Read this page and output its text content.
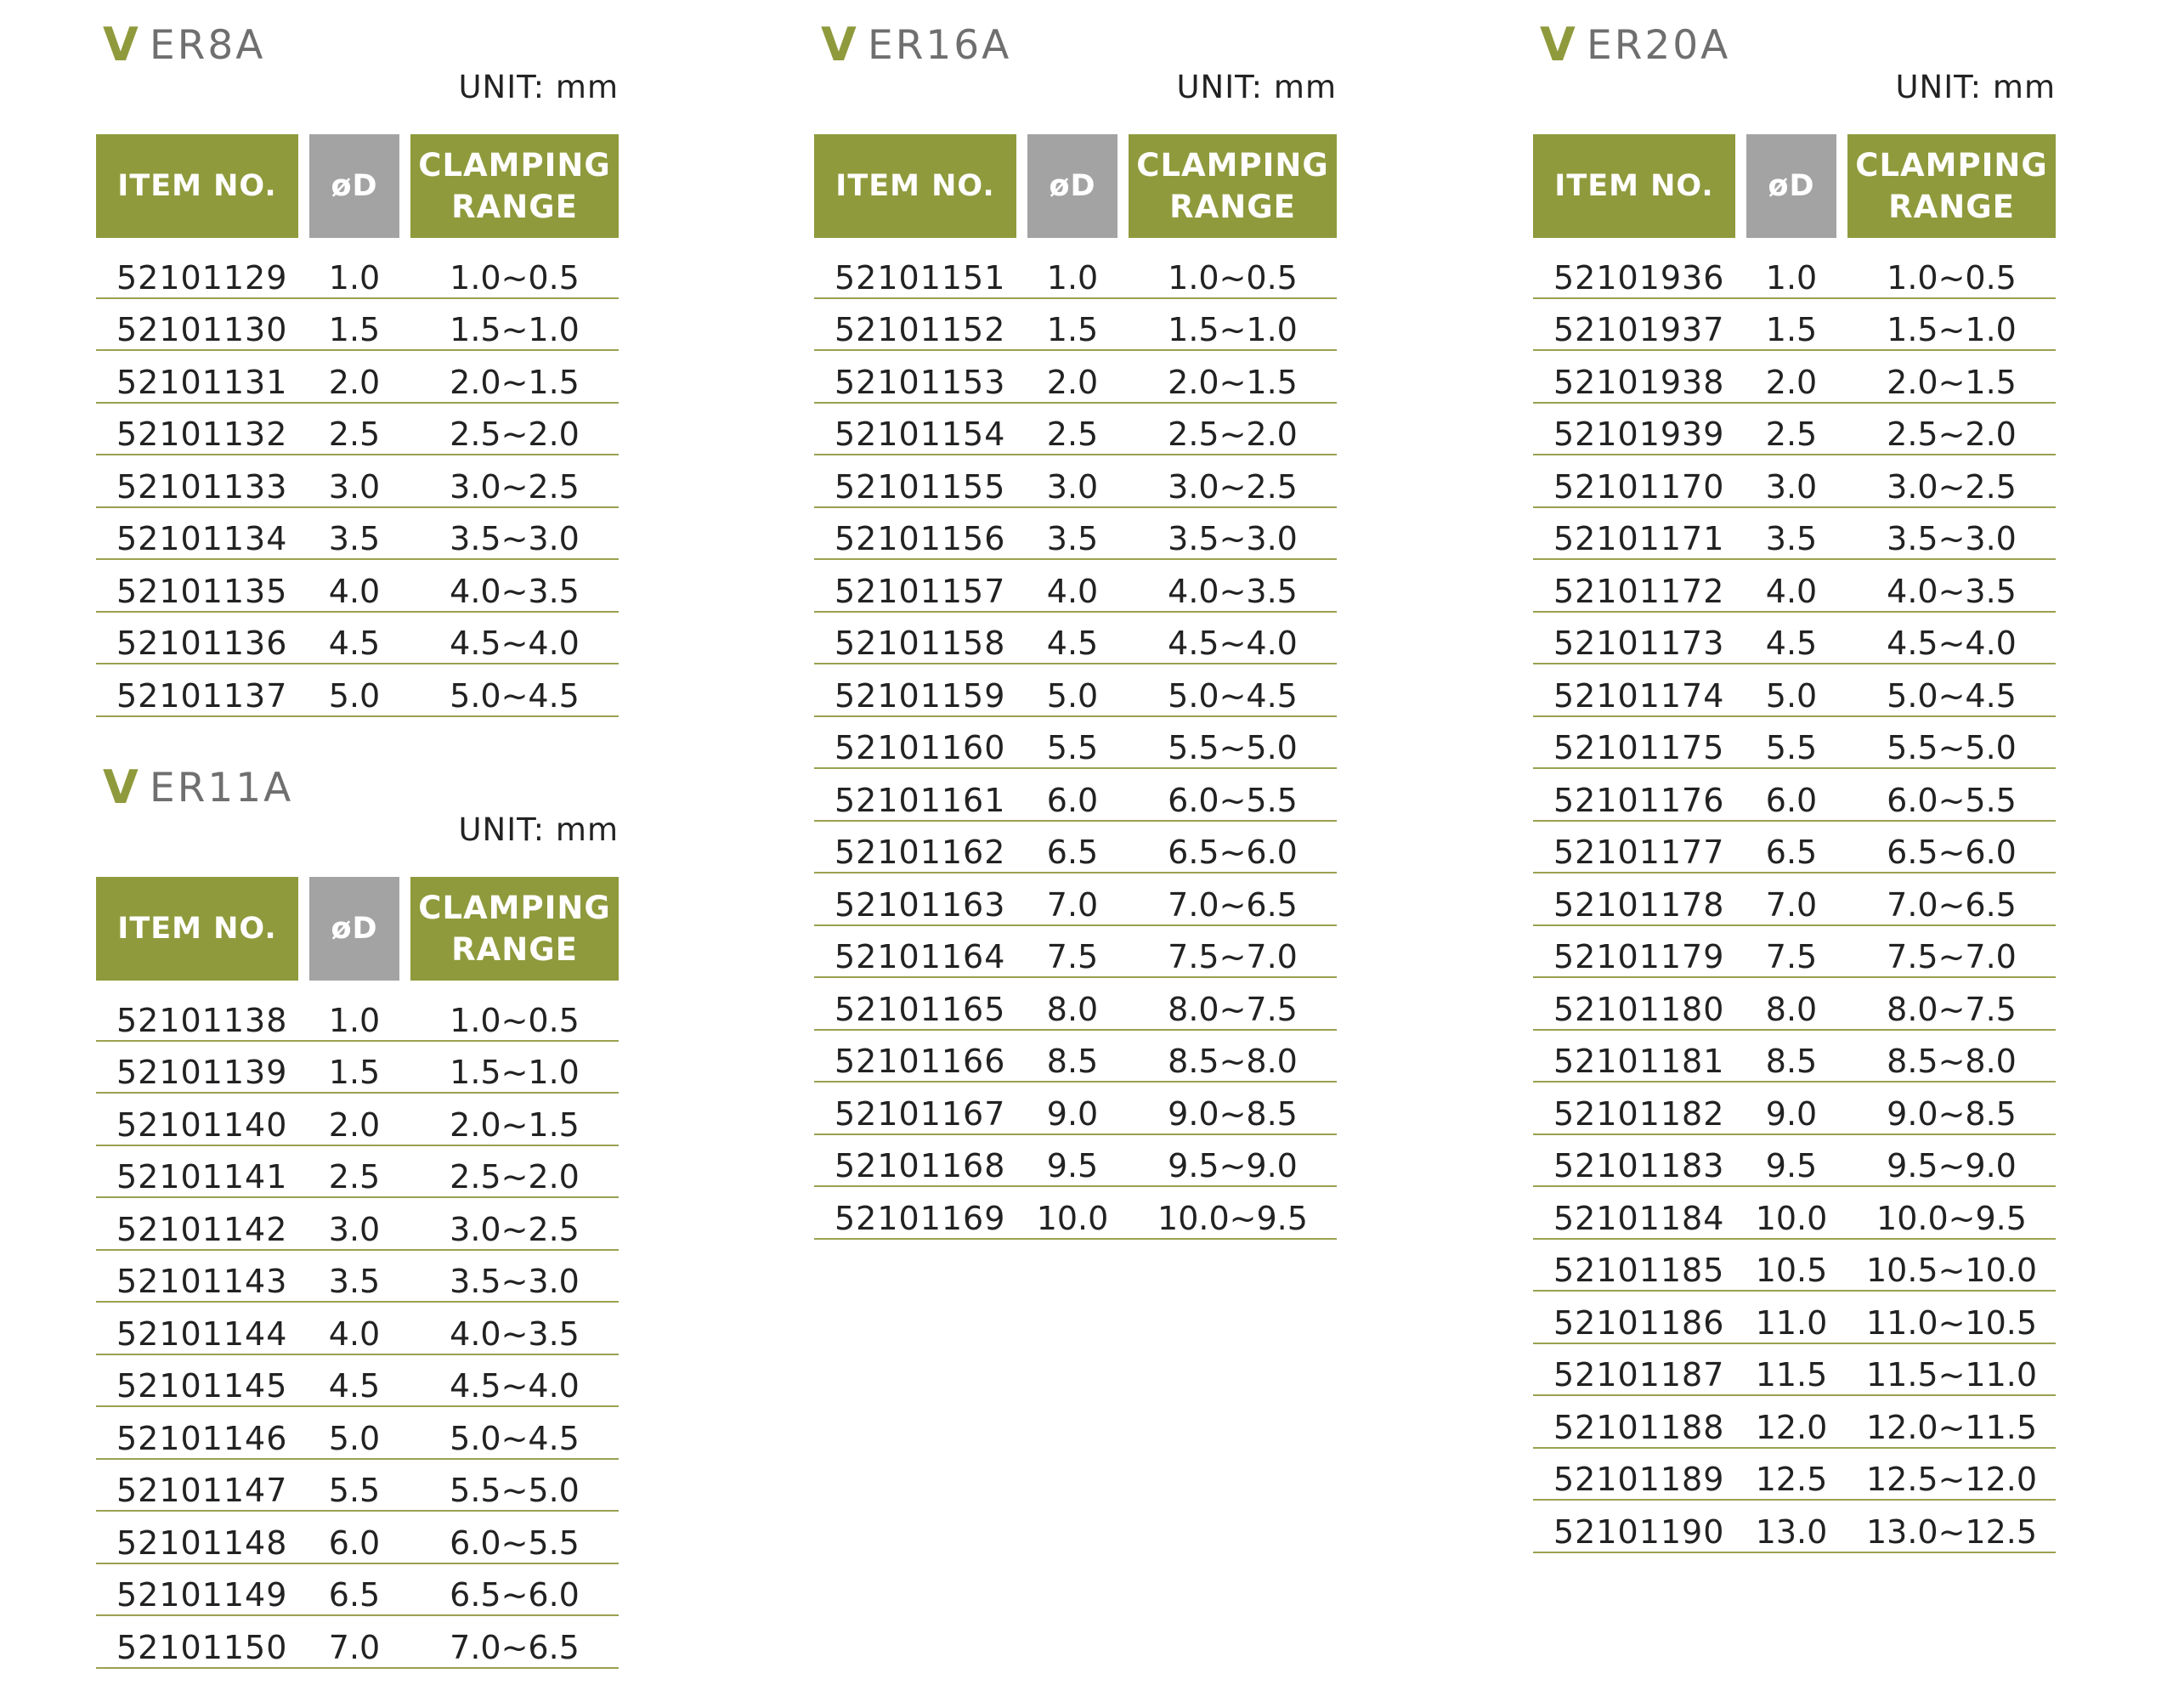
V ER8A
UNIT: mm
ITEM NO.	øD
CLAMPING
RANGE
52101129	1.0	1.0~0.5
52101130	1.5	1.5~1.0
52101131	2.0	2.0~1.5
52101132	2.5	2.5~2.0
52101133	3.0	3.0~2.5
52101134	3.5	3.5~3.0
52101135	4.0	4.0~3.5
52101136	4.5	4.5~4.0
52101137	5.0	5.0~4.5
V ER11A
UNIT: mm
ITEM NO.	øD
CLAMPING
RANGE
52101138	1.0	1.0~0.5
52101139	1.5	1.5~1.0
52101140	2.0	2.0~1.5
52101141	2.5	2.5~2.0
52101142	3.0	3.0~2.5
52101143	3.5	3.5~3.0
52101144	4.0	4.0~3.5
52101145	4.5	4.5~4.0
52101146	5.0	5.0~4.5
52101147	5.5	5.5~5.0
52101148	6.0	6.0~5.5
52101149	6.5	6.5~6.0
52101150	7.0	7.0~6.5
V ER16A
UNIT: mm
ITEM NO.	øD
CLAMPING
RANGE
52101151	1.0	1.0~0.5
52101152	1.5	1.5~1.0
52101153	2.0	2.0~1.5
52101154	2.5	2.5~2.0
52101155	3.0	3.0~2.5
52101156	3.5	3.5~3.0
52101157	4.0	4.0~3.5
52101158	4.5	4.5~4.0
52101159	5.0	5.0~4.5
52101160	5.5	5.5~5.0
52101161	6.0	6.0~5.5
52101162	6.5	6.5~6.0
52101163	7.0	7.0~6.5
52101164	7.5	7.5~7.0
52101165	8.0	8.0~7.5
52101166	8.5	8.5~8.0
52101167	9.0	9.0~8.5
52101168	9.5	9.5~9.0
52101169 10.0	10.0~9.5
V ER20A
UNIT: mm
ITEM NO.	øD
CLAMPING
RANGE
52101936	1.0	1.0~0.5
52101937	1.5	1.5~1.0
52101938	2.0	2.0~1.5
52101939	2.5	2.5~2.0
52101170	3.0	3.0~2.5
52101171	3.5	3.5~3.0
52101172	4.0	4.0~3.5
52101173	4.5	4.5~4.0
52101174	5.0	5.0~4.5
52101175	5.5	5.5~5.0
52101176	6.0	6.0~5.5
52101177	6.5	6.5~6.0
52101178	7.0	7.0~6.5
52101179	7.5	7.5~7.0
52101180	8.0	8.0~7.5
52101181	8.5	8.5~8.0
52101182	9.0	9.0~8.5
52101183	9.5	9.5~9.0
52101184 10.0	10.0~9.5
52101185 10.5	10.5~10.0
52101186 11.0	11.0~10.5
52101187 11.5	11.5~11.0
52101188 12.0	12.0~11.5
52101189 12.5	12.5~12.0
52101190 13.0	13.0~12.5
